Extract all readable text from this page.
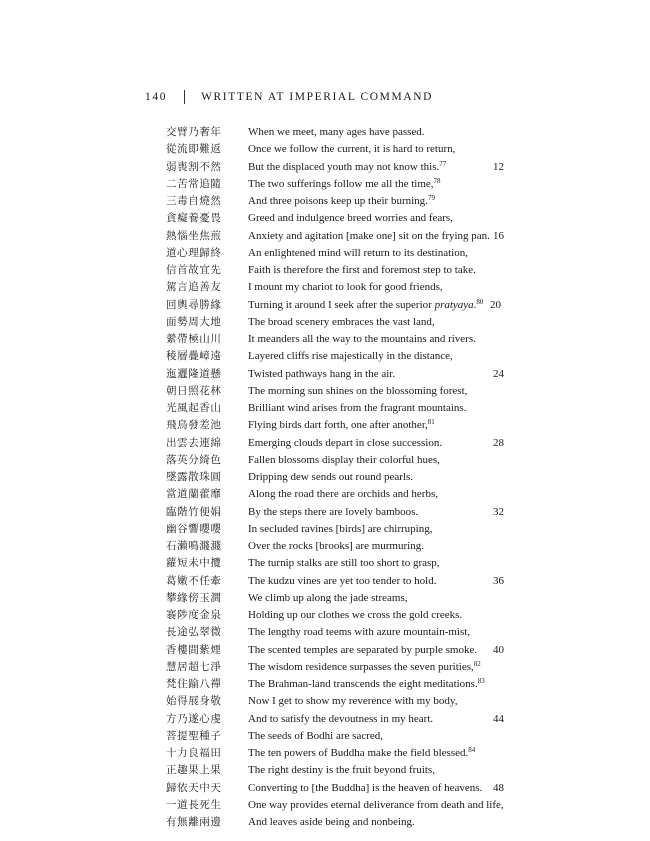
140	WRITTEN AT IMPERIAL COMMAND
交臂乃奢年 When we meet, many ages have passed.
從流即難返 Once we follow the current, it is hard to return,
弱喪割不然 But the displaced youth may not know this.$^{77}$	12
二苦常追隨 The two sufferings follow me all the time,$^{78}$
三毒自燒然 And three poisons keep up their burning.$^{79}$
貪癡養憂畏 Greed and indulgence breed worries and fears,
熱惱坐焦煎 Anxiety and agitation [make one] sit on the frying pan. 16
道心理歸終 An enlightened mind will return to its destination,
信首故宜先 Faith is therefore the first and foremost step to take.
駕言追善友 I mount my chariot to look for good friends,
回輿尋勝緣 Turning it around I seek after the superior pratyaya.$^{80}$ 20
面勢周大地 The broad scenery embraces the vast land,
縈帶極山川 It meanders all the way to the mountains and rivers.
稜層疊嶂遠 Layered cliffs rise majestically in the distance,
迤邐隆道懸 Twisted pathways hang in the air.	24
朝日照花林 The morning sun shines on the blossoming forest,
光風起香山 Brilliant wind arises from the fragrant mountains.
飛鳥發差池 Flying birds dart forth, one after another,$^{81}$
出雲去連綿 Emerging clouds depart in close succession.	28
落英分綺色 Fallen blossoms display their colorful hues,
墜露散珠圓 Dripping dew sends out round pearls.
當道蘭藿靡 Along the road there are orchids and herbs,
臨階竹便娟 By the steps there are lovely bamboos.	32
幽谷響嚶嚶 In secluded ravines [birds] are chirruping,
石瀨鳴濺濺 Over the rocks [brooks] are murmuring.
蘿短未中攬 The turnip stalks are still too short to grasp,
葛嫩不任牽 The kudzu vines are yet too tender to hold.	36
攀緣傍玉澗 We climb up along the jade streams,
褰陟度金泉 Holding up our clothes we cross the gold creeks.
長途弘翠微 The lengthy road teems with azure mountain-mist,
香樓間紫煙 The scented temples are separated by purple smoke. 40
慧居超七淨 The wisdom residence surpasses the seven purities,$^{82}$
梵住踰八禪 The Brahman-land transcends the eight meditations.$^{83}$
始得展身敬 Now I get to show my reverence with my body,
方乃遂心虔 And to satisfy the devoutness in my heart.	44
菩提聖種子 The seeds of Bodhi are sacred,
十力良福田 The ten powers of Buddha make the field blessed.$^{84}$
正趣果上果 The right destiny is the fruit beyond fruits,
歸依天中天 Converting to [the Buddha] is the heaven of heavens. 48
一道長死生 One way provides eternal deliverance from death and life,
有無離兩邊 And leaves aside being and nonbeing.
